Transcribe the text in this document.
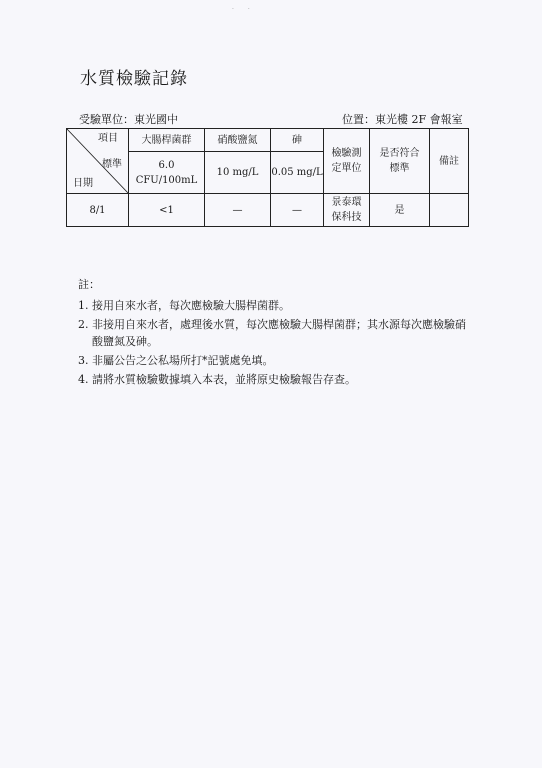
· ·
水質檢驗記錄
受驗單位：東光國中	位置：東光樓 2F 會報室
項目
標準
日期	大腸桿菌群	硝酸鹽氮	砷	檢驗測定單位	是否符合標準	備註
	6.0 CFU/100mL	10 mg/L	0.05 mg/L			
8/1	<1	—	—	景泰環保科技	是	
註：
1. 接用自來水者，每次應檢驗大腸桿菌群。
2. 非接用自來水者，處理後水質，每次應檢驗大腸桿菌群；其水源每次應檢驗硝酸鹽氮及砷。
3. 非屬公告之公私場所打*記號處免填。
4. 請將水質檢驗數據填入本表，並將原史檢驗報告存查。
